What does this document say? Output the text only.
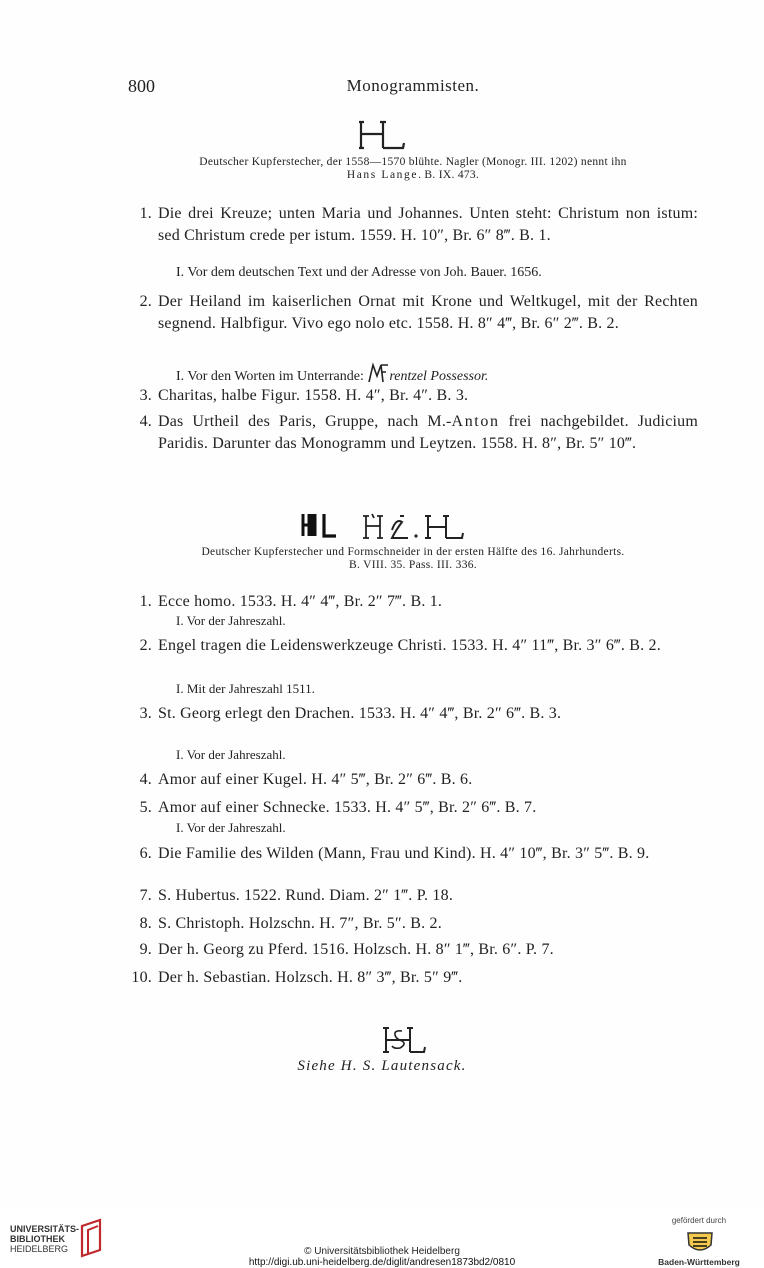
800	Monogrammisten.
Deutscher Kupferstecher, der 1558—1570 blühte. Nagler (Monogr. III. 1202) nennt ihn
Hans Lange. B. IX. 473.
1. Die drei Kreuze; unten Maria und Johannes. Unten steht: Christum non istum: sed Christum crede per istum. 1559. H. 10″, Br. 6″ 8‴. B. 1.
I. Vor dem deutschen Text und der Adresse von Joh. Bauer. 1656.
2. Der Heiland im kaiserlichen Ornat mit Krone und Weltkugel, mit der Rechten segnend. Halbfigur. Vivo ego nolo etc. 1558. H. 8″ 4‴, Br. 6″ 2‴. B. 2.
I. Vor den Worten im Unterrande: rentzel Possessor.
3. Charitas, halbe Figur. 1558. H. 4″, Br. 4″. B. 3.
4. Das Urtheil des Paris, Gruppe, nach M.-Anton frei nachgebildet. Judicium Paridis. Darunter das Monogramm und Leytzen. 1558. H. 8″, Br. 5″ 10‴.
Deutscher Kupferstecher und Formschneider in der ersten Hälfte des 16. Jahrhunderts.
B. VIII. 35. Pass. III. 336.
1. Ecce homo. 1533. H. 4″ 4‴, Br. 2″ 7‴. B. 1.
I. Vor der Jahreszahl.
2. Engel tragen die Leidenswerkzeuge Christi. 1533. H. 4″ 11‴, Br. 3″ 6‴. B. 2.
I. Mit der Jahreszahl 1511.
3. St. Georg erlegt den Drachen. 1533. H. 4″ 4‴, Br. 2″ 6‴. B. 3.
I. Vor der Jahreszahl.
4. Amor auf einer Kugel. H. 4″ 5‴, Br. 2″ 6‴. B. 6.
5. Amor auf einer Schnecke. 1533. H. 4″ 5‴, Br. 2″ 6‴. B. 7.
I. Vor der Jahreszahl.
6. Die Familie des Wilden (Mann, Frau und Kind). H. 4″ 10‴, Br. 3″ 5‴. B. 9.
7. S. Hubertus. 1522. Rund. Diam. 2″ 1‴. P. 18.
8. S. Christoph. Holzschn. H. 7″, Br. 5″. B. 2.
9. Der h. Georg zu Pferd. 1516. Holzsch. H. 8″ 1‴, Br. 6″. P. 7.
10. Der h. Sebastian. Holzsch. H. 8″ 3‴, Br. 5″ 9‴.
Siehe H. S. Lautensack.
UNIVERSITÄTS-
BIBLIOTHEK
HEIDELBERG	© Universitätsbibliothek Heidelberg
http://digi.ub.uni-heidelberg.de/diglit/andresen1873bd2/0810
gefördert durch
Baden-Württemberg
